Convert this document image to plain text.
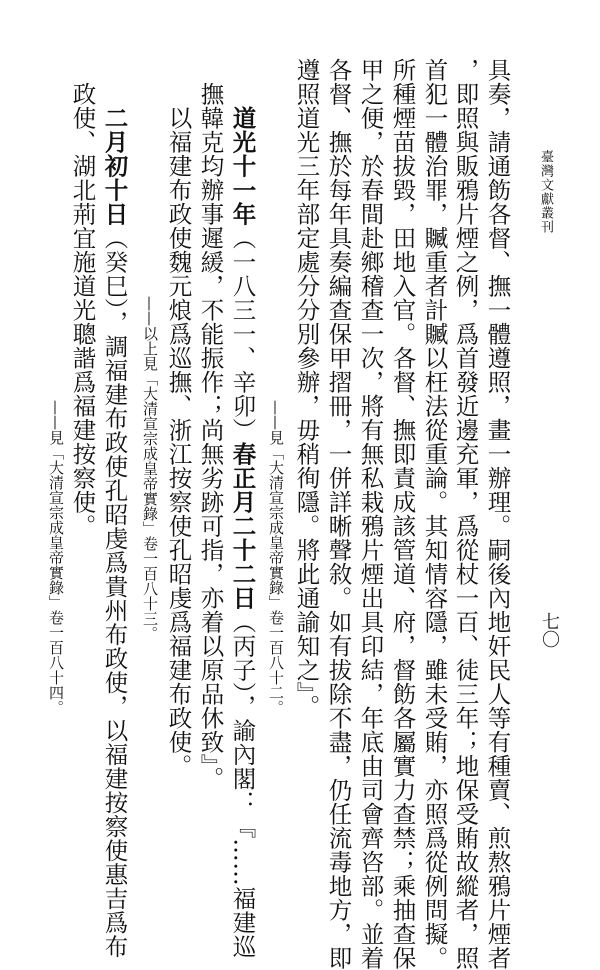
臺灣文獻叢刊
七〇
具奏，請通飭各督、撫一體遵照，畫一辦理。嗣後內地奸民人等有種賣、煎熬鴉片煙者
，即照與販鴉片煙之例，爲首發近邊充軍，爲從杖一百、徒三年；地保受賄故縱者，照
首犯一體治罪，贓重者計贓以枉法從重論。其知情容隱，雖未受賄，亦照爲從例問擬。
所種煙苗拔毀，田地入官。各督、撫即責成該管道、府，督飭各屬實力查禁；乘抽查保
甲之便，於春間赴鄉稽查一次，將有無私栽鴉片煙出具印結，年底由司會齊咨部。並着
各督、撫於每年具奏編查保甲摺冊，一併詳晰聲敘。如有拔除不盡，仍任流毒地方，即
遵照道光三年部定處分分別參辦，毋稍徇隱。將此通諭知之』。
——見「大清宣宗成皇帝實錄」卷一百八十二。
道光十一年（一八三一、辛卯）春正月二十二日（丙子），諭內閣：『……福建巡
撫韓克均辦事遲緩，不能振作；尚無劣跡可指，亦着以原品休致』。
以福建布政使魏元烺爲巡撫、浙江按察使孔昭虔爲福建布政使。
——以上見「大清宣宗成皇帝實錄」卷一百八十三。
二月初十日（癸巳），調福建布政使孔昭虔爲貴州布政使，以福建按察使惠吉爲布
政使、湖北荊宜施道光聰諧爲福建按察使。
——見「大清宣宗成皇帝實錄」卷一百八十四。
